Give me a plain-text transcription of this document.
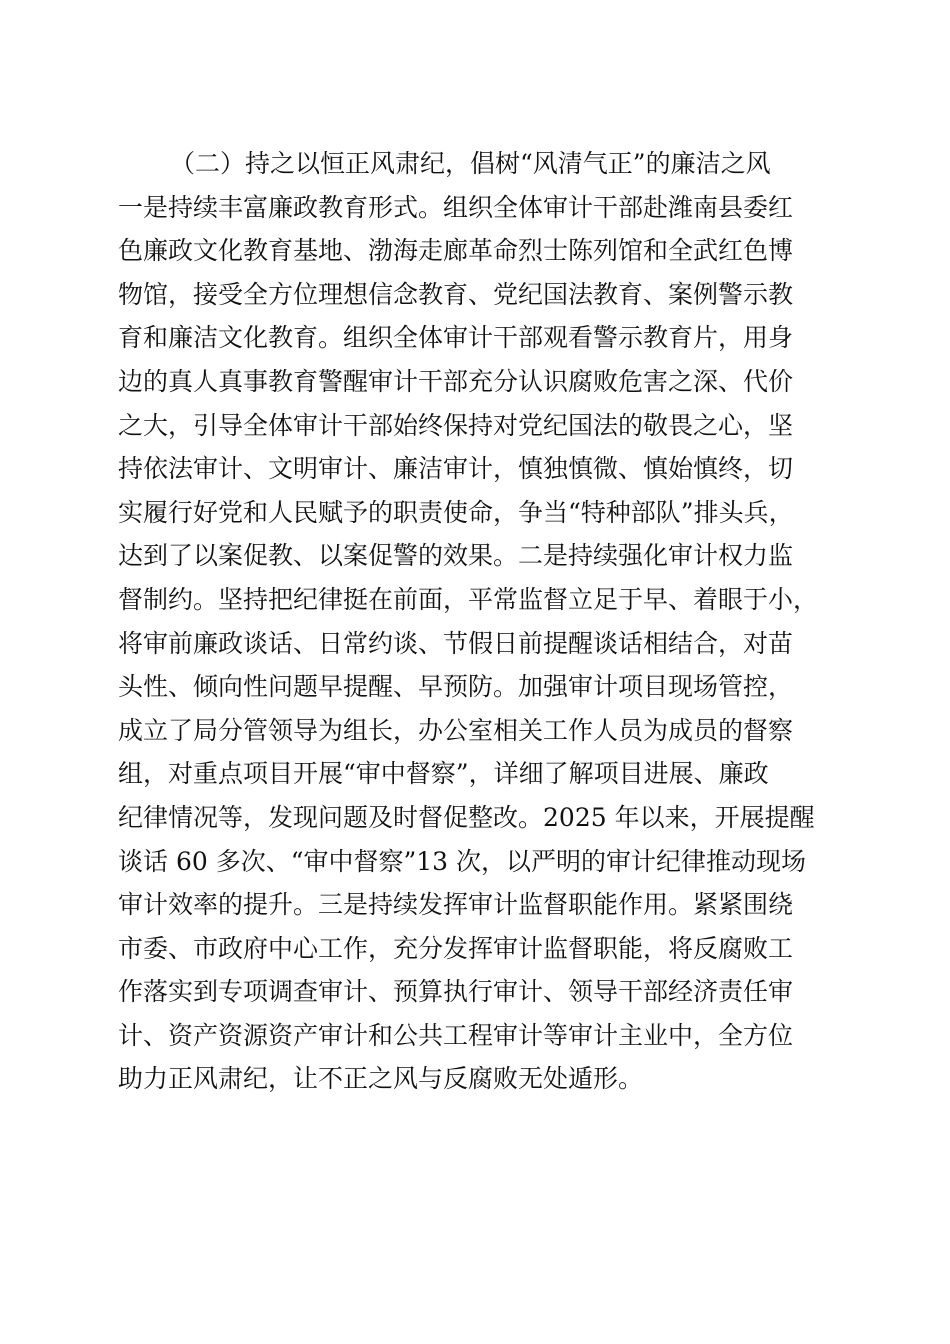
（二）持之以恒正风肃纪，倡树“风清气正”的廉洁之风
一是持续丰富廉政教育形式。组织全体审计干部赴潍南县委红
色廉政文化教育基地、渤海走廊革命烈士陈列馆和全武红色博
物馆，接受全方位理想信念教育、党纪国法教育、案例警示教
育和廉洁文化教育。组织全体审计干部观看警示教育片，用身
边的真人真事教育警醒审计干部充分认识腐败危害之深、代价
之大，引导全体审计干部始终保持对党纪国法的敬畏之心，坚
持依法审计、文明审计、廉洁审计，慎独慎微、慎始慎终，切
实履行好党和人民赋予的职责使命，争当“特种部队”排头兵，
达到了以案促教、以案促警的效果。二是持续强化审计权力监
督制约。坚持把纪律挺在前面，平常监督立足于早、着眼于小，
将审前廉政谈话、日常约谈、节假日前提醒谈话相结合，对苗
头性、倾向性问题早提醒、早预防。加强审计项目现场管控，
成立了局分管领导为组长，办公室相关工作人员为成员的督察
组，对重点项目开展“审中督察”，详细了解项目进展、廉政
纪律情况等，发现问题及时督促整改。2025 年以来，开展提醒
谈话 60 多次、“审中督察”13 次，以严明的审计纪律推动现场
审计效率的提升。三是持续发挥审计监督职能作用。紧紧围绕
市委、市政府中心工作，充分发挥审计监督职能，将反腐败工
作落实到专项调查审计、预算执行审计、领导干部经济责任审
计、资产资源资产审计和公共工程审计等审计主业中，全方位
助力正风肃纪，让不正之风与反腐败无处遁形。
